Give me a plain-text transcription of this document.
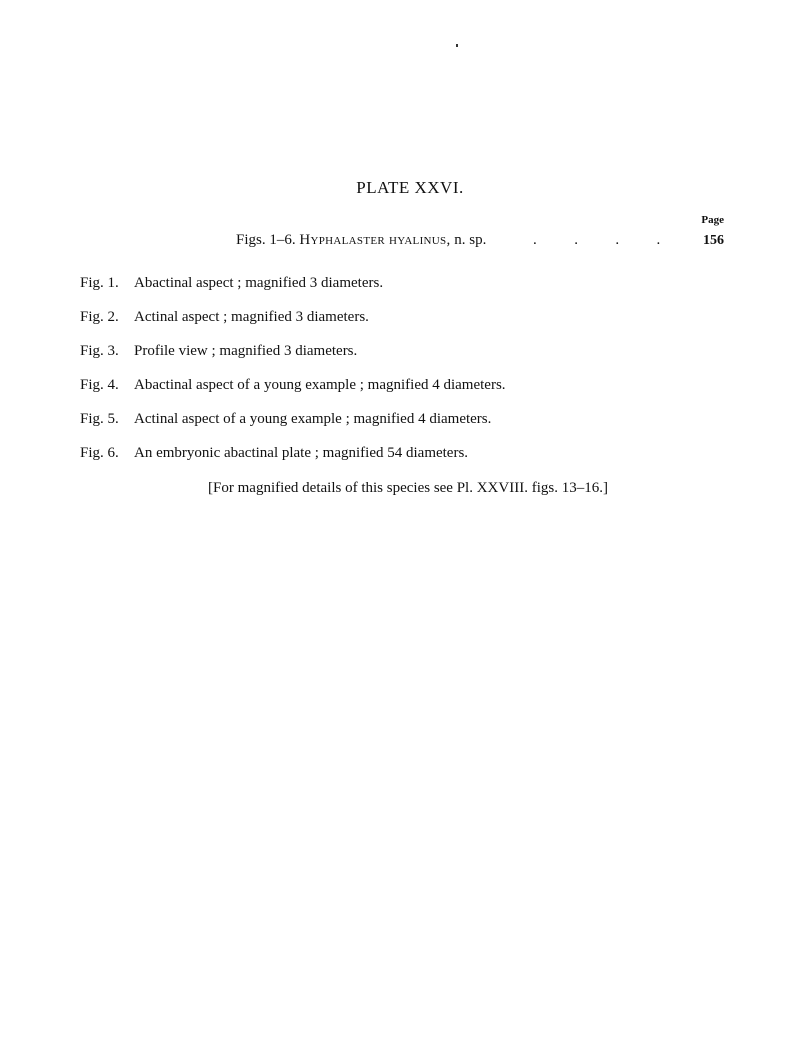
PLATE XXVI.
Page
Figs. 1–6.
Hyphalaster hyalinus,
n. sp.	. . . .	156
Fig. 1. Abactinal aspect ; magnified 3 diameters.
Fig. 2. Actinal aspect ; magnified 3 diameters.
Fig. 3. Profile view ; magnified 3 diameters.
Fig. 4. Abactinal aspect of a young example ; magnified 4 diameters.
Fig. 5. Actinal aspect of a young example ; magnified 4 diameters.
Fig. 6. An embryonic abactinal plate ; magnified 54 diameters.
[For magnified details of this species see Pl. XXVIII. figs. 13–16.]
